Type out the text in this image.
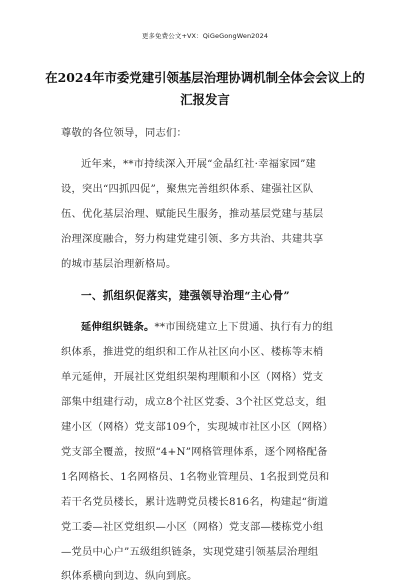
更多免费公文+VX：QiGeGongWen2024
在2024年市委党建引领基层治理协调机制全体会会议上的
汇报发言
尊敬的各位领导，同志们：
近年来，**市持续深入开展“金晶红社·幸福家园”建
设，突出“四抓四促”，聚焦完善组织体系、建强社区队
伍、优化基层治理、赋能民生服务，推动基层党建与基层
治理深度融合，努力构建党建引领、多方共治、共建共享
的城市基层治理新格局。
一、抓组织促落实，建强领导治理“主心骨”
延伸组织链条。**市围绕建立上下贯通、执行有力的组
织体系，推进党的组织和工作从社区向小区、楼栋等末梢
单元延伸，开展社区党组织架构理顺和小区（网格）党支
部集中组建行动，成立8个社区党委、3个社区党总支，组
建小区（网格）党支部109个，实现城市社区小区（网格）
党支部全覆盖，按照“4+N”网格管理体系，逐个网格配备
1名网格长、1名网格员、1名物业管理员、1名报到党员和
若干名党员楼长，累计选聘党员楼长816名，构建起“街道
党工委—社区党组织—小区（网格）党支部—楼栋党小组
—党员中心户”五级组织链条，实现党建引领基层治理组
织体系横向到边、纵向到底。
